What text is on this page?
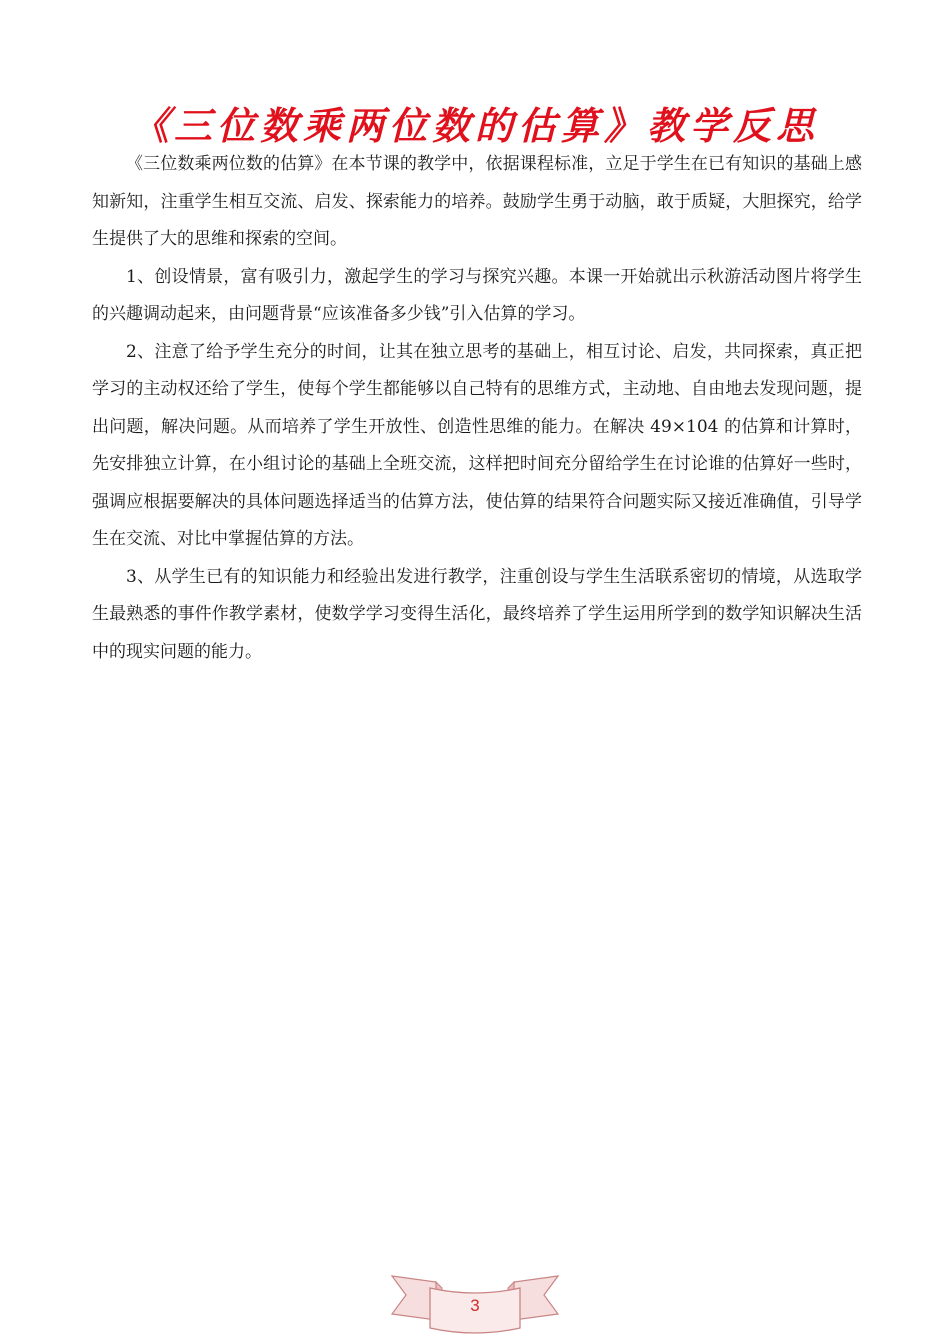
《三位数乘两位数的估算》教学反思

《三位数乘两位数的估算》在本节课的教学中，依据课程标准，立足于学生在已有知识的基础上感知新知，注重学生相互交流、启发、探索能力的培养。鼓励学生勇于动脑，敢于质疑，大胆探究，给学生提供了大的思维和探索的空间。

1、创设情景，富有吸引力，激起学生的学习与探究兴趣。本课一开始就出示秋游活动图片将学生的兴趣调动起来，由问题背景“应该准备多少钱”引入估算的学习。

2、注意了给予学生充分的时间，让其在独立思考的基础上，相互讨论、启发，共同探索，真正把学习的主动权还给了学生，使每个学生都能够以自己特有的思维方式，主动地、自由地去发现问题，提出问题，解决问题。从而培养了学生开放性、创造性思维的能力。在解决 49×104 的估算和计算时，先安排独立计算，在小组讨论的基础上全班交流，这样把时间充分留给学生在讨论谁的估算好一些时，强调应根据要解决的具体问题选择适当的估算方法，使估算的结果符合问题实际又接近准确值，引导学生在交流、对比中掌握估算的方法。

3、从学生已有的知识能力和经验出发进行教学，注重创设与学生生活联系密切的情境，从选取学生最熟悉的事件作教学素材，使数学学习变得生活化，最终培养了学生运用所学到的数学知识解决生活中的现实问题的能力。

3
